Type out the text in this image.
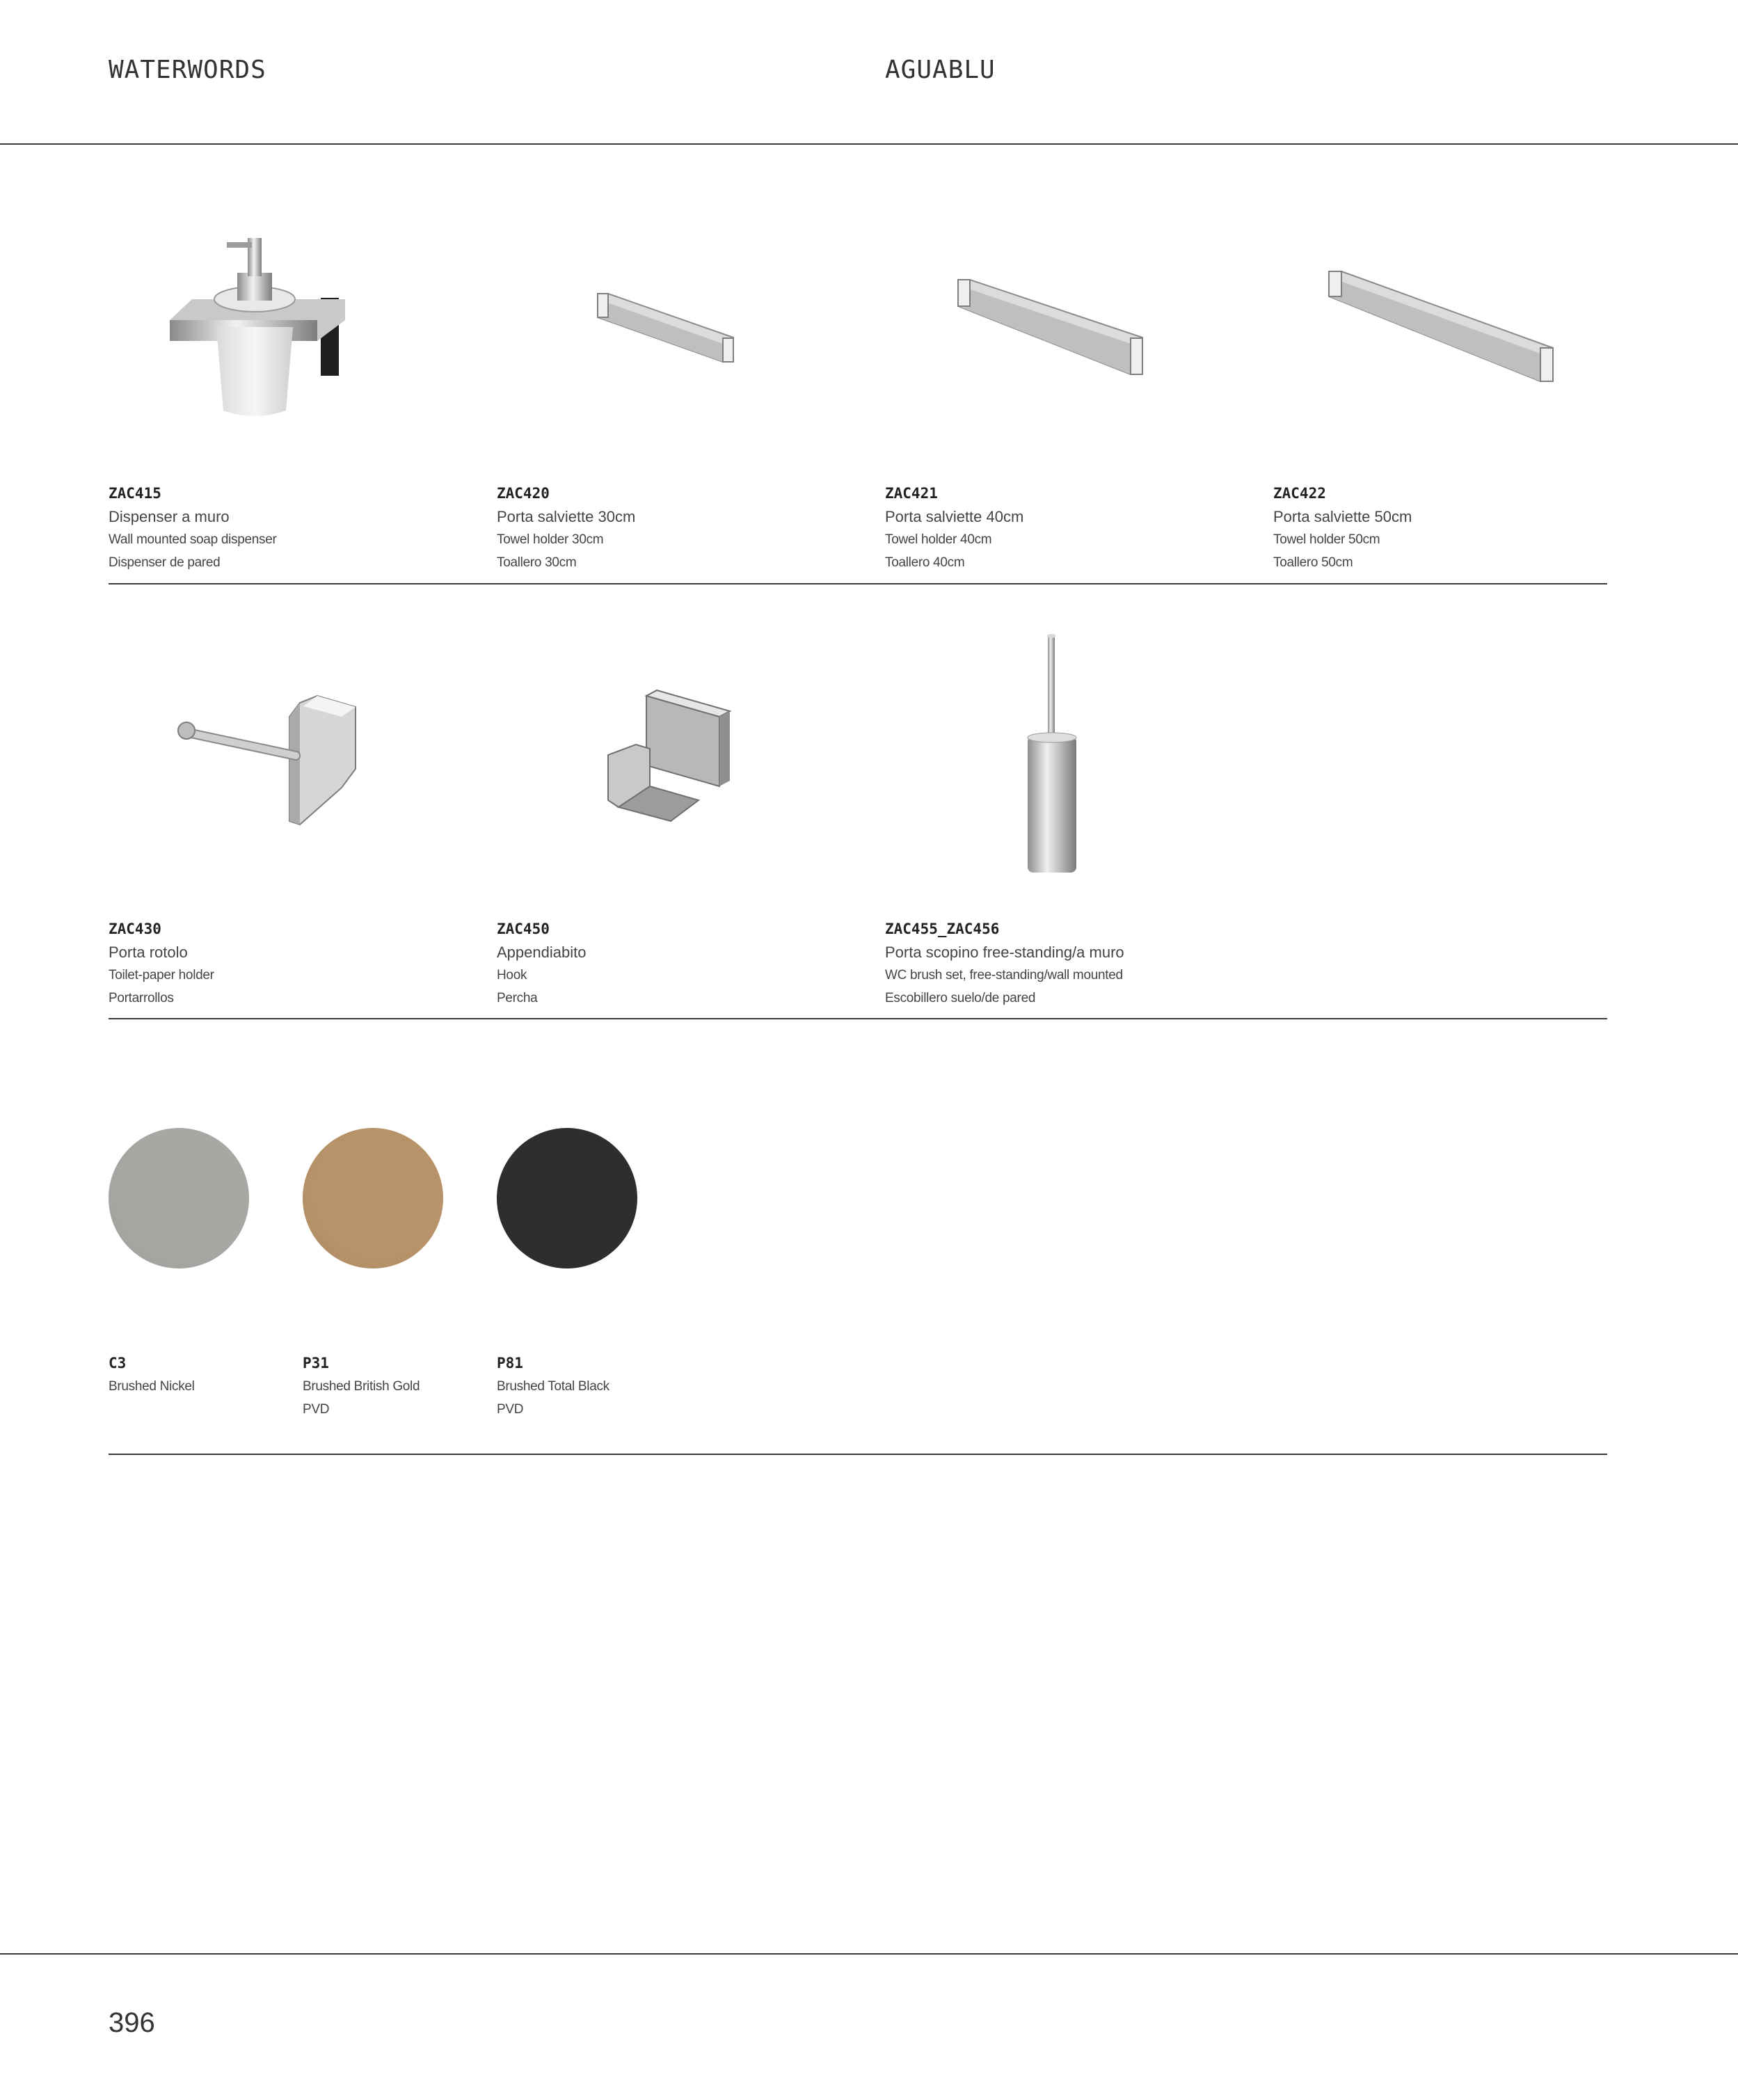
WATERWORDS	AGUABLU
ZAC415
Dispenser a muro
Wall mounted soap dispenser
Dispenser de pared
ZAC420
Porta salviette 30cm
Towel holder 30cm
Toallero 30cm
ZAC421
Porta salviette 40cm
Towel holder 40cm
Toallero 40cm
ZAC422
Porta salviette 50cm
Towel holder 50cm
Toallero 50cm
ZAC430
Porta rotolo
Toilet-paper holder
Portarrollos
ZAC450
Appendiabito
Hook
Percha
ZAC455_ZAC456
Porta scopino free-standing/a muro
WC brush set, free-standing/wall mounted
Escobillero suelo/de pared
C3
Brushed Nickel
P31
Brushed British Gold
PVD
P81
Brushed Total Black
PVD
396
